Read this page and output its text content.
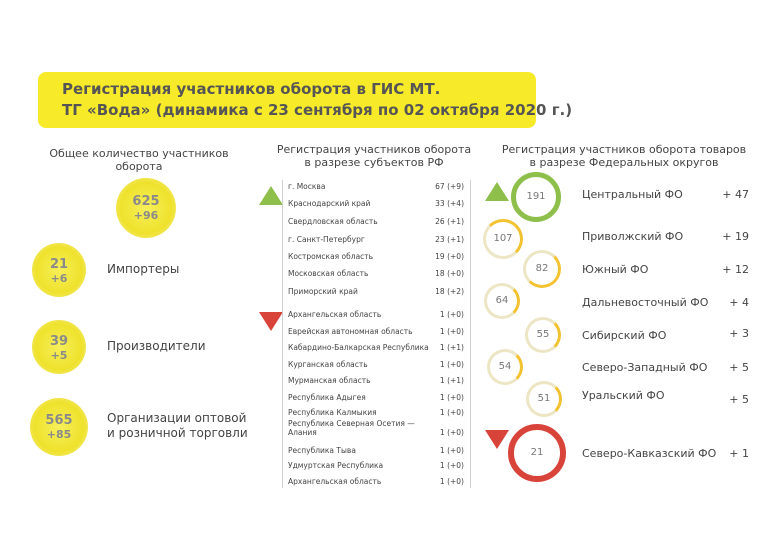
Регистрация участников оборота в ГИС МТ.
ТГ «Вода» (динамика с 23 сентября по 02 октября 2020 г.)
Общее количество участников оборота
625
+96
21
+6
Импортеры
39
+5
Производители
565
+85
Организации оптовой
и розничной торговли
Регистрация участников оборота
в разрезе субъектов РФ
г. Москва	67 (+9)
Краснодарский край	33 (+4)
Свердловская область	26 (+1)
г. Санкт-Петербург	23 (+1)
Костромская область	19 (+0)
Московская область	18 (+0)
Приморский край	18 (+2)
Архангельская область	1 (+0)
Еврейская автономная область	1 (+0)
Кабардино-Балкарская Республика 1 (+1)
Курганская область	1 (+0)
Мурманская область	1 (+1)
Республика Адыгея	1 (+0)
Республика Калмыкия	1 (+0)
Республика Северная Осетия —
Алания	1 (+0)
Республика Тыва	1 (+0)
Удмуртская Республика	1 (+0)
Архангельская область	1 (+0)
Регистрация участников оборота товаров
в разрезе Федеральных округов
191	Центральный ФО	+ 47
107	Приволжский ФО	+ 19
82	Южный ФО	+ 12
64	Дальневосточный ФО	+ 4
55	Сибирский ФО	+ 3
54	Северо-Западный ФО	+ 5
51	Уральский ФО	+ 5
21	Северо-Кавказский ФО	+ 1
